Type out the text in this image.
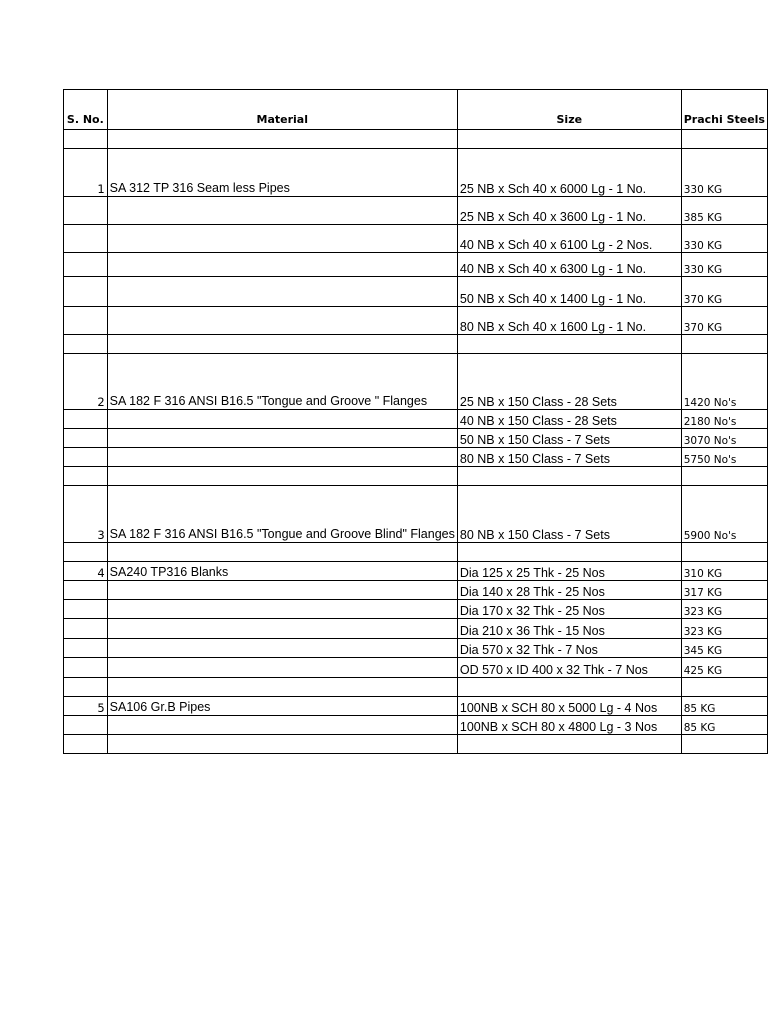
S. No.	Material	Size	Prachi Steels

1	SA 312 TP 316 Seam less Pipes	25 NB x Sch 40 x 6000 Lg - 1 No.	330 KG
		25 NB x Sch 40 x 3600 Lg - 1 No.	385 KG
		40 NB x Sch 40 x 6100 Lg - 2 Nos.	330 KG
		40 NB x Sch 40 x 6300 Lg - 1 No.	330 KG
		50 NB x Sch 40 x 1400 Lg - 1 No.	370 KG
		80 NB x Sch 40 x 1600 Lg - 1 No.	370 KG

2	SA 182 F 316 ANSI B16.5 "Tongue and Groove " Flanges	25 NB x 150 Class - 28 Sets	1420 No's
		40 NB x 150 Class - 28 Sets	2180 No's
		50 NB x 150 Class - 7 Sets	3070 No's
		80 NB x 150 Class - 7 Sets	5750 No's

3	SA 182 F 316 ANSI B16.5 "Tongue and Groove Blind" Flanges	80 NB x 150 Class - 7 Sets	5900 No's

4	SA240 TP316 Blanks	Dia 125 x 25 Thk - 25 Nos	310 KG
		Dia 140 x 28 Thk - 25 Nos	317 KG
		Dia 170 x 32 Thk - 25 Nos	323 KG
		Dia 210 x 36 Thk - 15 Nos	323 KG
		Dia 570 x 32 Thk - 7 Nos	345 KG
		OD 570 x ID 400 x 32 Thk - 7 Nos	425 KG

5	SA106 Gr.B Pipes	100NB x SCH 80 x 5000 Lg - 4 Nos	85 KG
		100NB x SCH 80 x 4800 Lg - 3 Nos	85 KG
